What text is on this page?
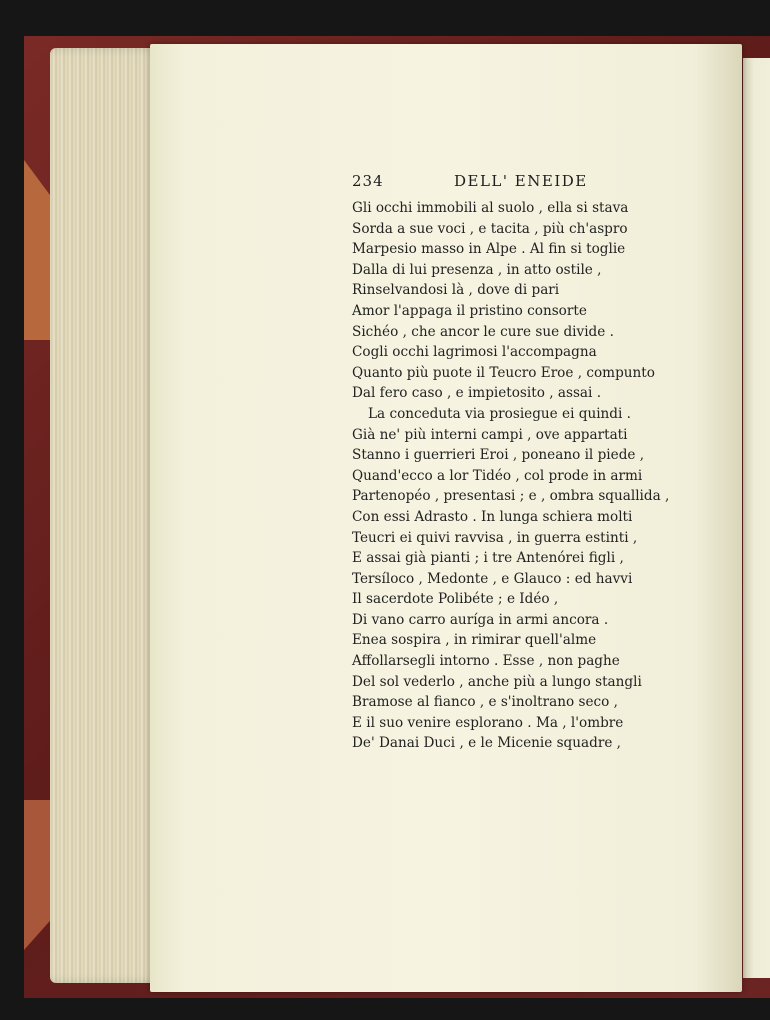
234	DELL' ENEIDE
Gli occhi immobili al suolo , ella si stava
Sorda a sue voci , e tacita , più ch'aspro
Marpesio masso in Alpe . Al fin si toglie
Dalla di lui presenza , in atto ostile ,
Rinselvandosi là , dove di pari
Amor l'appaga il pristino consorte
Sichéo , che ancor le cure sue divide .
Cogli occhi lagrimosi l'accompagna
Quanto più puote il Teucro Eroe , compunto
Dal fero caso , e impietosito , assai .
La conceduta via prosiegue ei quindi .
Già ne' più interni campi , ove appartati
Stanno i guerrieri Eroi , poneano il piede ,
Quand'ecco a lor Tidéo , col prode in armi
Partenopéo , presentasi ; e , ombra squallida ,
Con essi Adrasto . In lunga schiera molti
Teucri ei quivi ravvisa , in guerra estinti ,
E assai già pianti ; i tre Antenórei figli ,
Tersíloco , Medonte , e Glauco : ed havvi
Il sacerdote Polibéte ; e Idéo ,
Di vano carro auríga in armi ancora .
Enea sospira , in rimirar quell'alme
Affollarsegli intorno . Esse , non paghe
Del sol vederlo , anche più a lungo stangli
Bramose al fianco , e s'inoltrano seco ,
E il suo venire esplorano . Ma , l'ombre
De' Danai Duci , e le Micenie squadre ,
